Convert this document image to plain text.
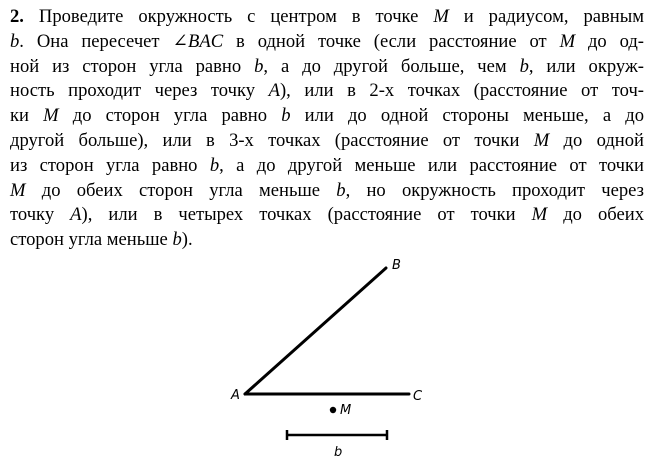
2. Проведите окружность с центром в точке M и радиусом, равным
b. Она пересечет ∠BAC в одной точке (если расстояние от M до од-
ной из сторон угла равно b, а до другой больше, чем b, или окруж-
ность проходит через точку A), или в 2-х точках (расстояние от точ-
ки M до сторон угла равно b или до одной стороны меньше, а до
другой больше), или в 3-х точках (расстояние от точки M до одной
из сторон угла равно b, а до другой меньше или расстояние от точки
M до обеих сторон угла меньше b, но окружность проходит через
точку A), или в четырех точках (расстояние от точки M до обеих
сторон угла меньше b).
A
B
C
M
b
